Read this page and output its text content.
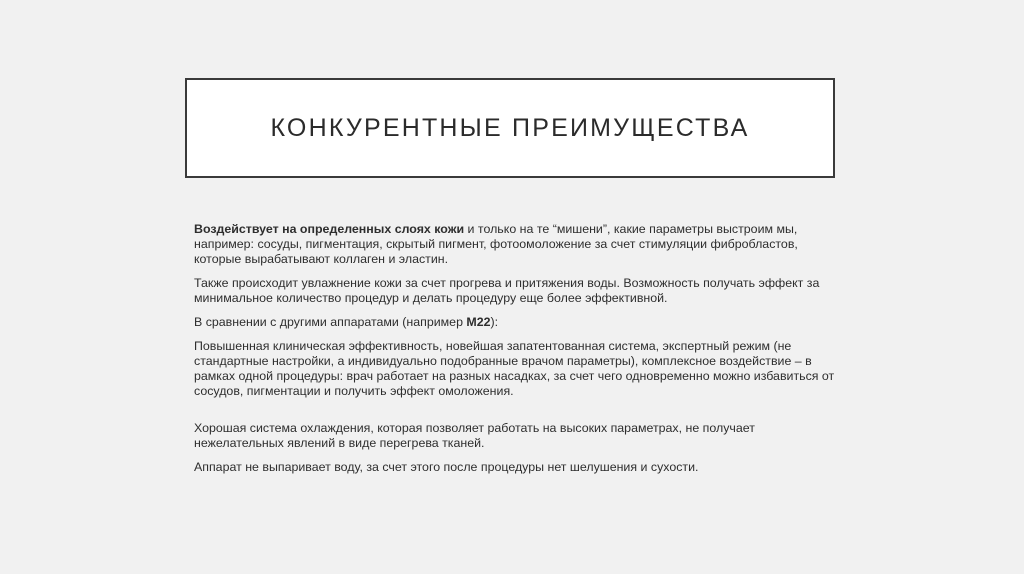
КОНКУРЕНТНЫЕ ПРЕИМУЩЕСТВА

Воздействует на определенных слоях кожи и только на те “мишени”, какие параметры выстроим мы, например: сосуды, пигментация, скрытый пигмент, фотоомоложение за счет стимуляции фибробластов, которые вырабатывают коллаген и эластин.

Также происходит увлажнение кожи за счет прогрева и притяжения воды. Возможность получать эффект за минимальное количество процедур и делать процедуру еще более эффективной.

В сравнении с другими аппаратами (например М22):

Повышенная клиническая эффективность, новейшая запатентованная система, экспертный режим (не стандартные настройки, а индивидуально подобранные врачом параметры), комплексное воздействие – в рамках одной процедуры: врач работает на разных насадках, за счет чего одновременно можно избавиться от сосудов, пигментации и получить эффект омоложения.

Хорошая система охлаждения, которая позволяет работать на высоких параметрах, не получает нежелательных явлений в виде перегрева тканей.

Аппарат не выпаривает воду, за счет этого после процедуры нет шелушения и сухости.
